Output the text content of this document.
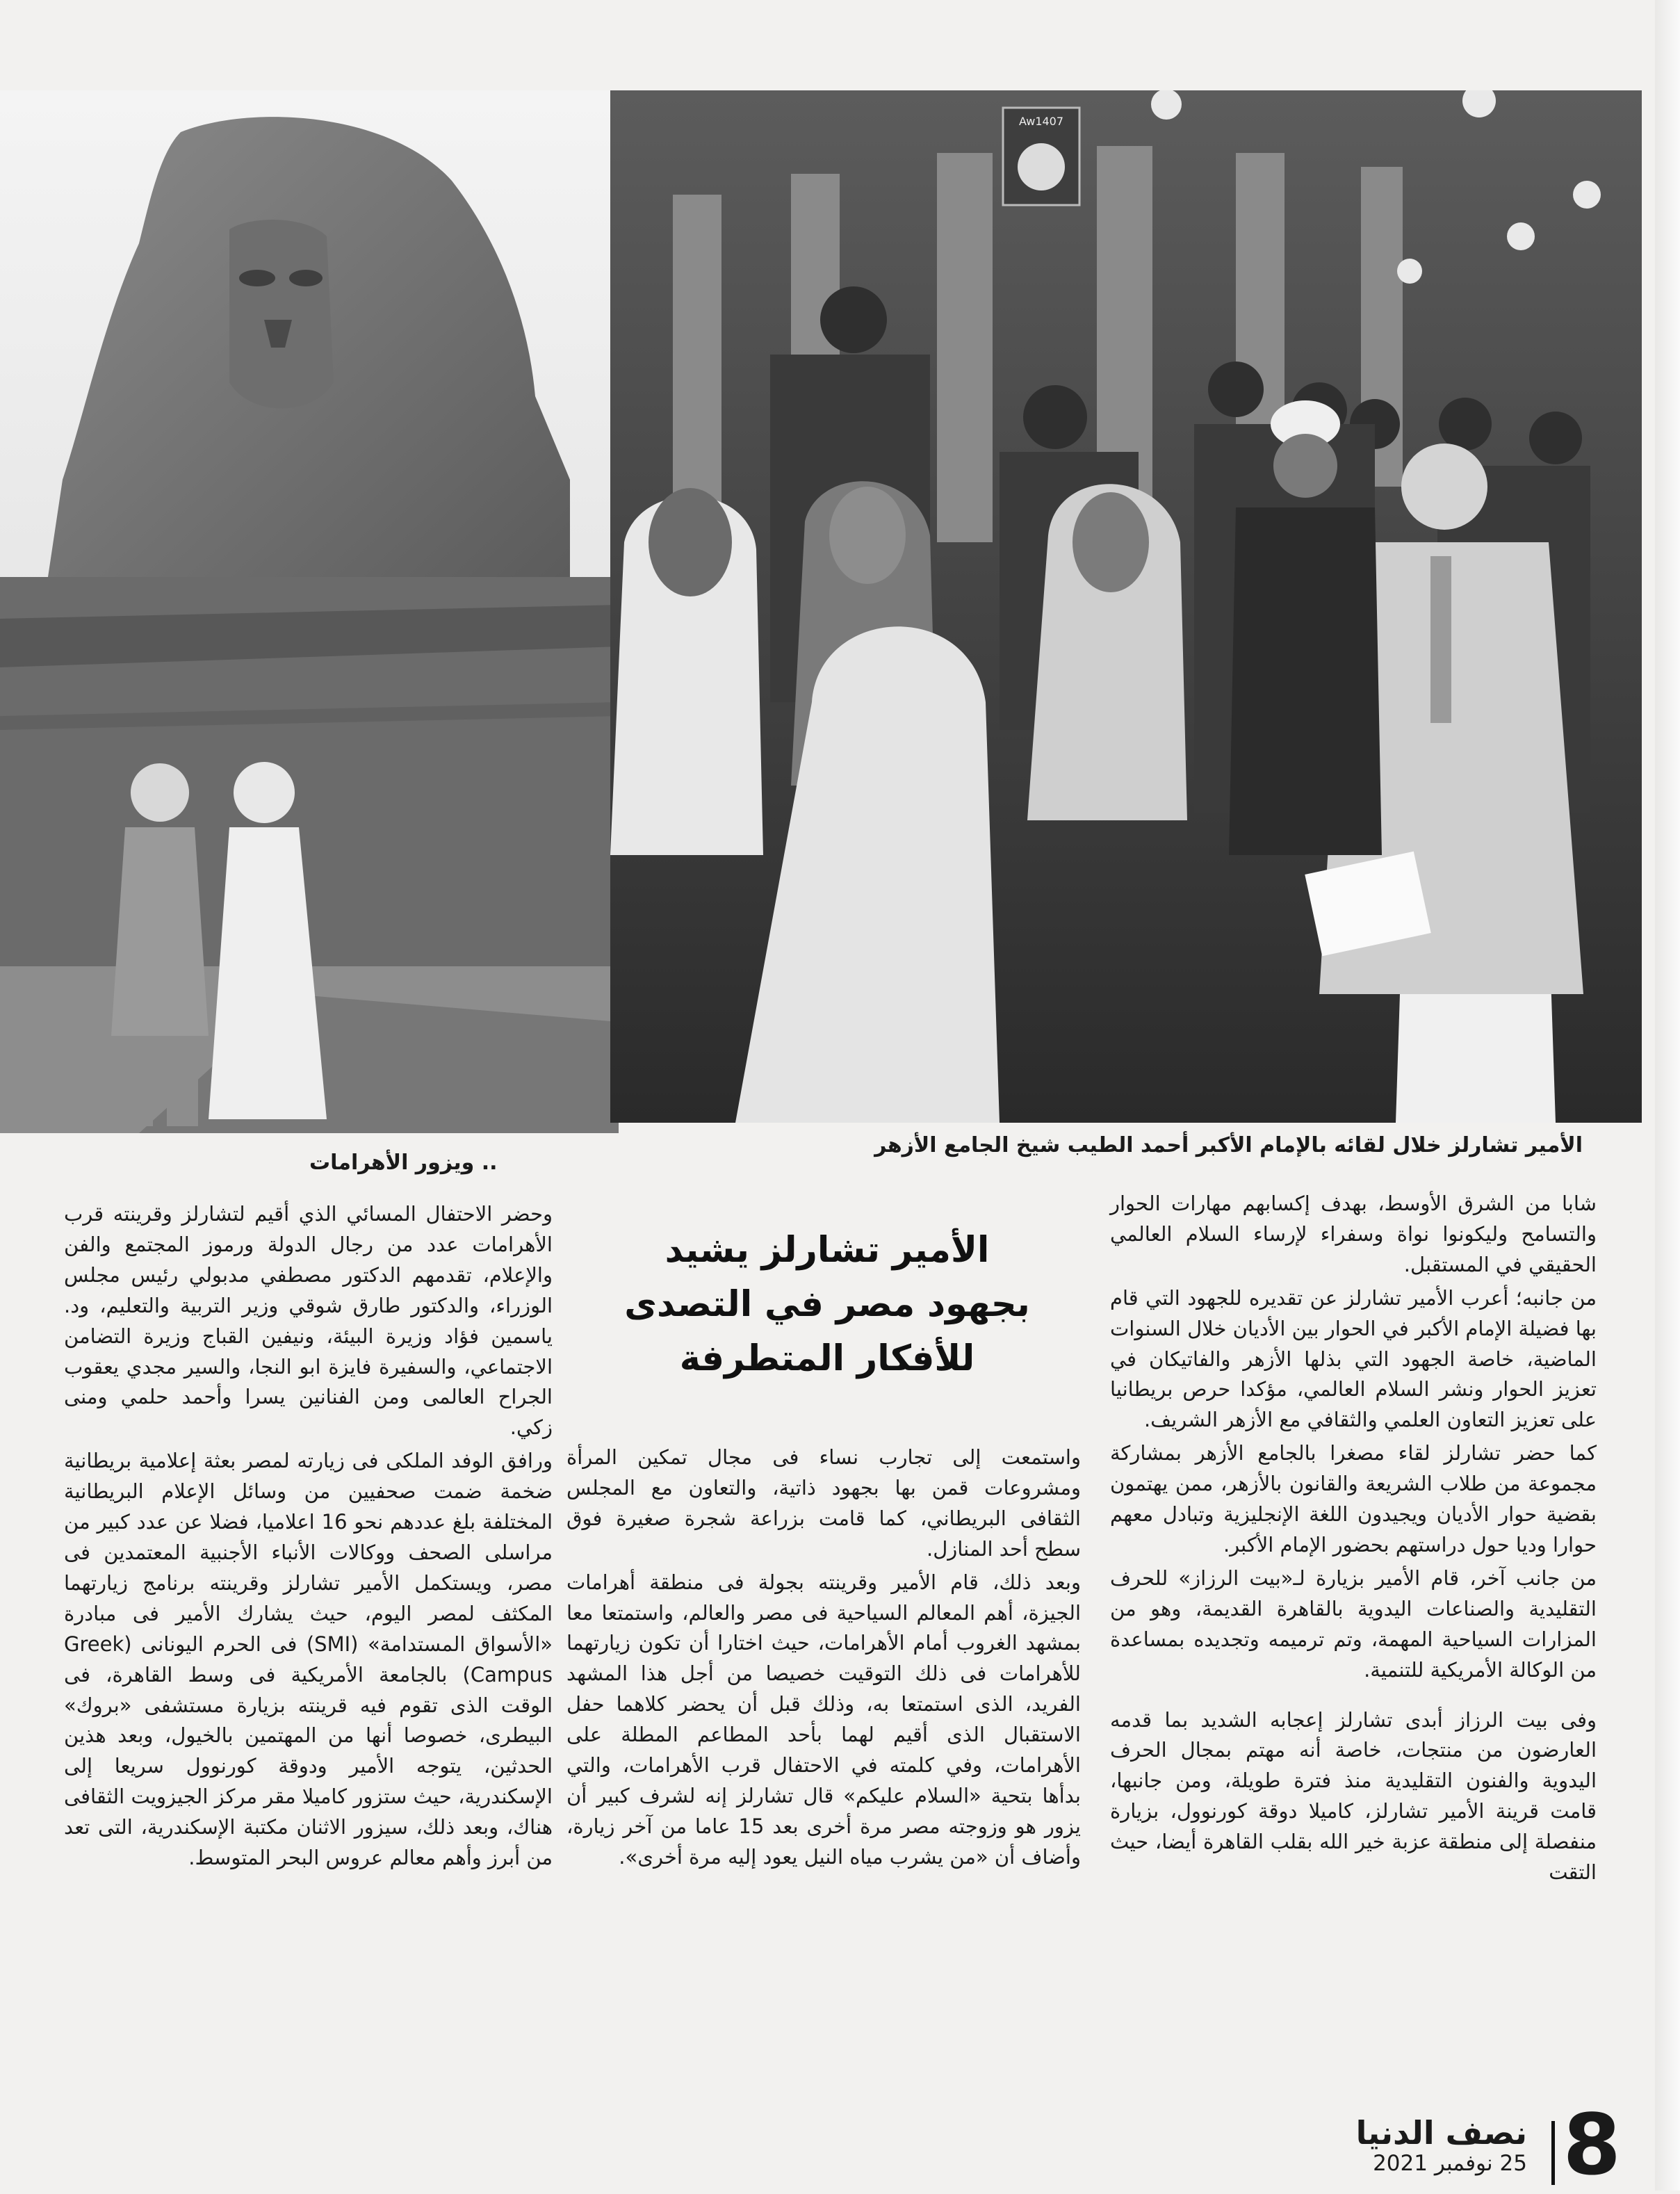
Aw1407
الأمير تشارلز خلال لقائه بالإمام الأكبر أحمد الطيب شيخ الجامع الأزهر
.. ويزور الأهرامات
الأمير تشارلز يشيد
بجهود مصر في التصدى
للأفكار المتطرفة

شابا من الشرق الأوسط، بهدف إكسابهم مهارات الحوار والتسامح وليكونوا نواة وسفراء لإرساء السلام العالمي الحقيقي في المستقبل.

من جانبه؛ أعرب الأمير تشارلز عن تقديره للجهود التي قام بها فضيلة الإمام الأكبر في الحوار بين الأديان خلال السنوات الماضية، خاصة الجهود التي بذلها الأزهر والفاتيكان في تعزيز الحوار ونشر السلام العالمي، مؤكدا حرص بريطانيا على تعزيز التعاون العلمي والثقافي مع الأزهر الشريف.

كما حضر تشارلز لقاء مصغرا بالجامع الأزهر بمشاركة مجموعة من طلاب الشريعة والقانون بالأزهر، ممن يهتمون بقضية حوار الأديان ويجيدون اللغة الإنجليزية وتبادل معهم حوارا وديا حول دراستهم بحضور الإمام الأكبر.

من جانب آخر، قام الأمير بزيارة لـ«بيت الرزاز» للحرف التقليدية والصناعات اليدوية بالقاهرة القديمة، وهو من المزارات السياحية المهمة، وتم ترميمه وتجديده بمساعدة من الوكالة الأمريكية للتنمية.

وفى بيت الرزاز أبدى تشارلز إعجابه الشديد بما قدمه العارضون من منتجات، خاصة أنه مهتم بمجال الحرف اليدوية والفنون التقليدية منذ فترة طويلة، ومن جانبها، قامت قرينة الأمير تشارلز، كاميلا دوقة كورنوول، بزيارة منفصلة إلى منطقة عزبة خير الله بقلب القاهرة أيضا، حيث التقت

واستمعت إلى تجارب نساء فى مجال تمكين المرأة ومشروعات قمن بها بجهود ذاتية، والتعاون مع المجلس الثقافى البريطاني، كما قامت بزراعة شجرة صغيرة فوق سطح أحد المنازل.

وبعد ذلك، قام الأمير وقرينته بجولة فى منطقة أهرامات الجيزة، أهم المعالم السياحية فى مصر والعالم، واستمتعا معا بمشهد الغروب أمام الأهرامات، حيث اختارا أن تكون زيارتهما للأهرامات فى ذلك التوقيت خصيصا من أجل هذا المشهد الفريد، الذى استمتعا به، وذلك قبل أن يحضر كلاهما حفل الاستقبال الذى أقيم لهما بأحد المطاعم المطلة على الأهرامات، وفي كلمته في الاحتفال قرب الأهرامات، والتي بدأها بتحية «السلام عليكم» قال تشارلز إنه لشرف كبير أن يزور هو وزوجته مصر مرة أخرى بعد 15 عاما من آخر زيارة، وأضاف أن «من يشرب مياه النيل يعود إليه مرة أخرى».

وحضر الاحتفال المسائي الذي أقيم لتشارلز وقرينته قرب الأهرامات عدد من رجال الدولة ورموز المجتمع والفن والإعلام، تقدمهم الدكتور مصطفي مدبولي رئيس مجلس الوزراء، والدكتور طارق شوقي وزير التربية والتعليم، ود. ياسمين فؤاد وزيرة البيئة، ونيفين القباج وزيرة التضامن الاجتماعي، والسفيرة فايزة ابو النجا، والسير مجدي يعقوب الجراح العالمى ومن الفنانين يسرا وأحمد حلمي ومنى زكي.

ورافق الوفد الملكى فى زيارته لمصر بعثة إعلامية بريطانية ضخمة ضمت صحفيين من وسائل الإعلام البريطانية المختلفة بلغ عددهم نحو 16 اعلاميا، فضلا عن عدد كبير من مراسلى الصحف ووكالات الأنباء الأجنبية المعتمدين فى مصر، ويستكمل الأمير تشارلز وقرينته برنامج زيارتهما المكثف لمصر اليوم، حيث يشارك الأمير فى مبادرة «الأسواق المستدامة» (SMI) فى الحرم اليونانى (Greek Campus) بالجامعة الأمريكية فى وسط القاهرة، فى الوقت الذى تقوم فيه قرينته بزيارة مستشفى «بروك» البيطرى، خصوصا أنها من المهتمين بالخيول، وبعد هذين الحدثين، يتوجه الأمير ودوقة كورنوول سريعا إلى الإسكندرية، حيث ستزور كاميلا مقر مركز الجيزويت الثقافى هناك، وبعد ذلك، سيزور الاثنان مكتبة الإسكندرية، التى تعد من أبرز وأهم معالم عروس البحر المتوسط.

8
نصف الدنيا
25 نوفمبر 2021
